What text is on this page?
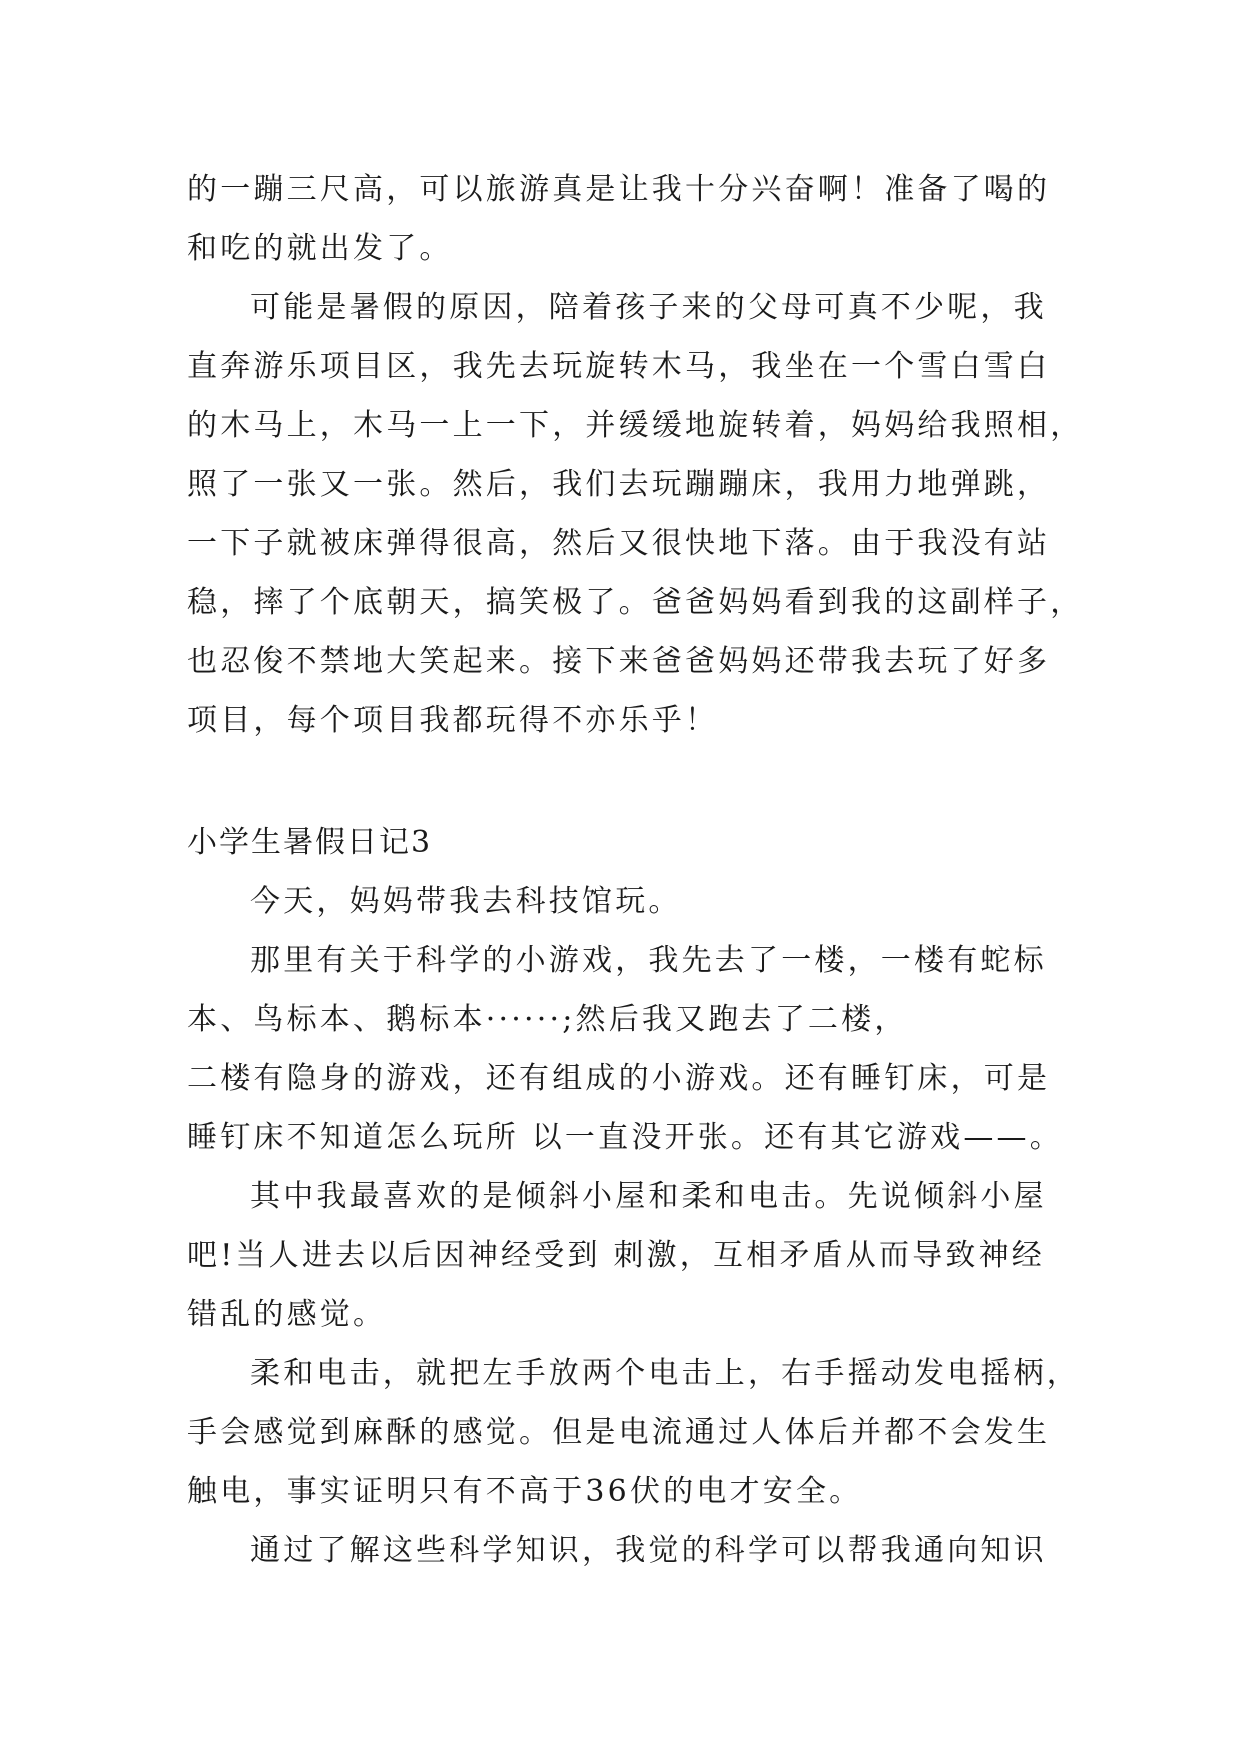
的一蹦三尺高，可以旅游真是让我十分兴奋啊！准备了喝的
和吃的就出发了。
可能是暑假的原因，陪着孩子来的父母可真不少呢，我
直奔游乐项目区，我先去玩旋转木马，我坐在一个雪白雪白
的木马上，木马一上一下，并缓缓地旋转着，妈妈给我照相，
照了一张又一张。然后，我们去玩蹦蹦床，我用力地弹跳，
一下子就被床弹得很高，然后又很快地下落。由于我没有站
稳，摔了个底朝天，搞笑极了。爸爸妈妈看到我的这副样子，
也忍俊不禁地大笑起来。接下来爸爸妈妈还带我去玩了好多
项目，每个项目我都玩得不亦乐乎！
小学生暑假日记3
今天，妈妈带我去科技馆玩。
那里有关于科学的小游戏，我先去了一楼，一楼有蛇标
本、鸟标本、鹅标本······;然后我又跑去了二楼，
二楼有隐身的游戏，还有组成的小游戏。还有睡钉床，可是
睡钉床不知道怎么玩所 以一直没开张。还有其它游戏——。
其中我最喜欢的是倾斜小屋和柔和电击。先说倾斜小屋
吧!当人进去以后因神经受到 刺激，互相矛盾从而导致神经
错乱的感觉。
柔和电击，就把左手放两个电击上，右手摇动发电摇柄，
手会感觉到麻酥的感觉。但是电流通过人体后并都不会发生
触电，事实证明只有不高于36伏的电才安全。
通过了解这些科学知识，我觉的科学可以帮我通向知识
